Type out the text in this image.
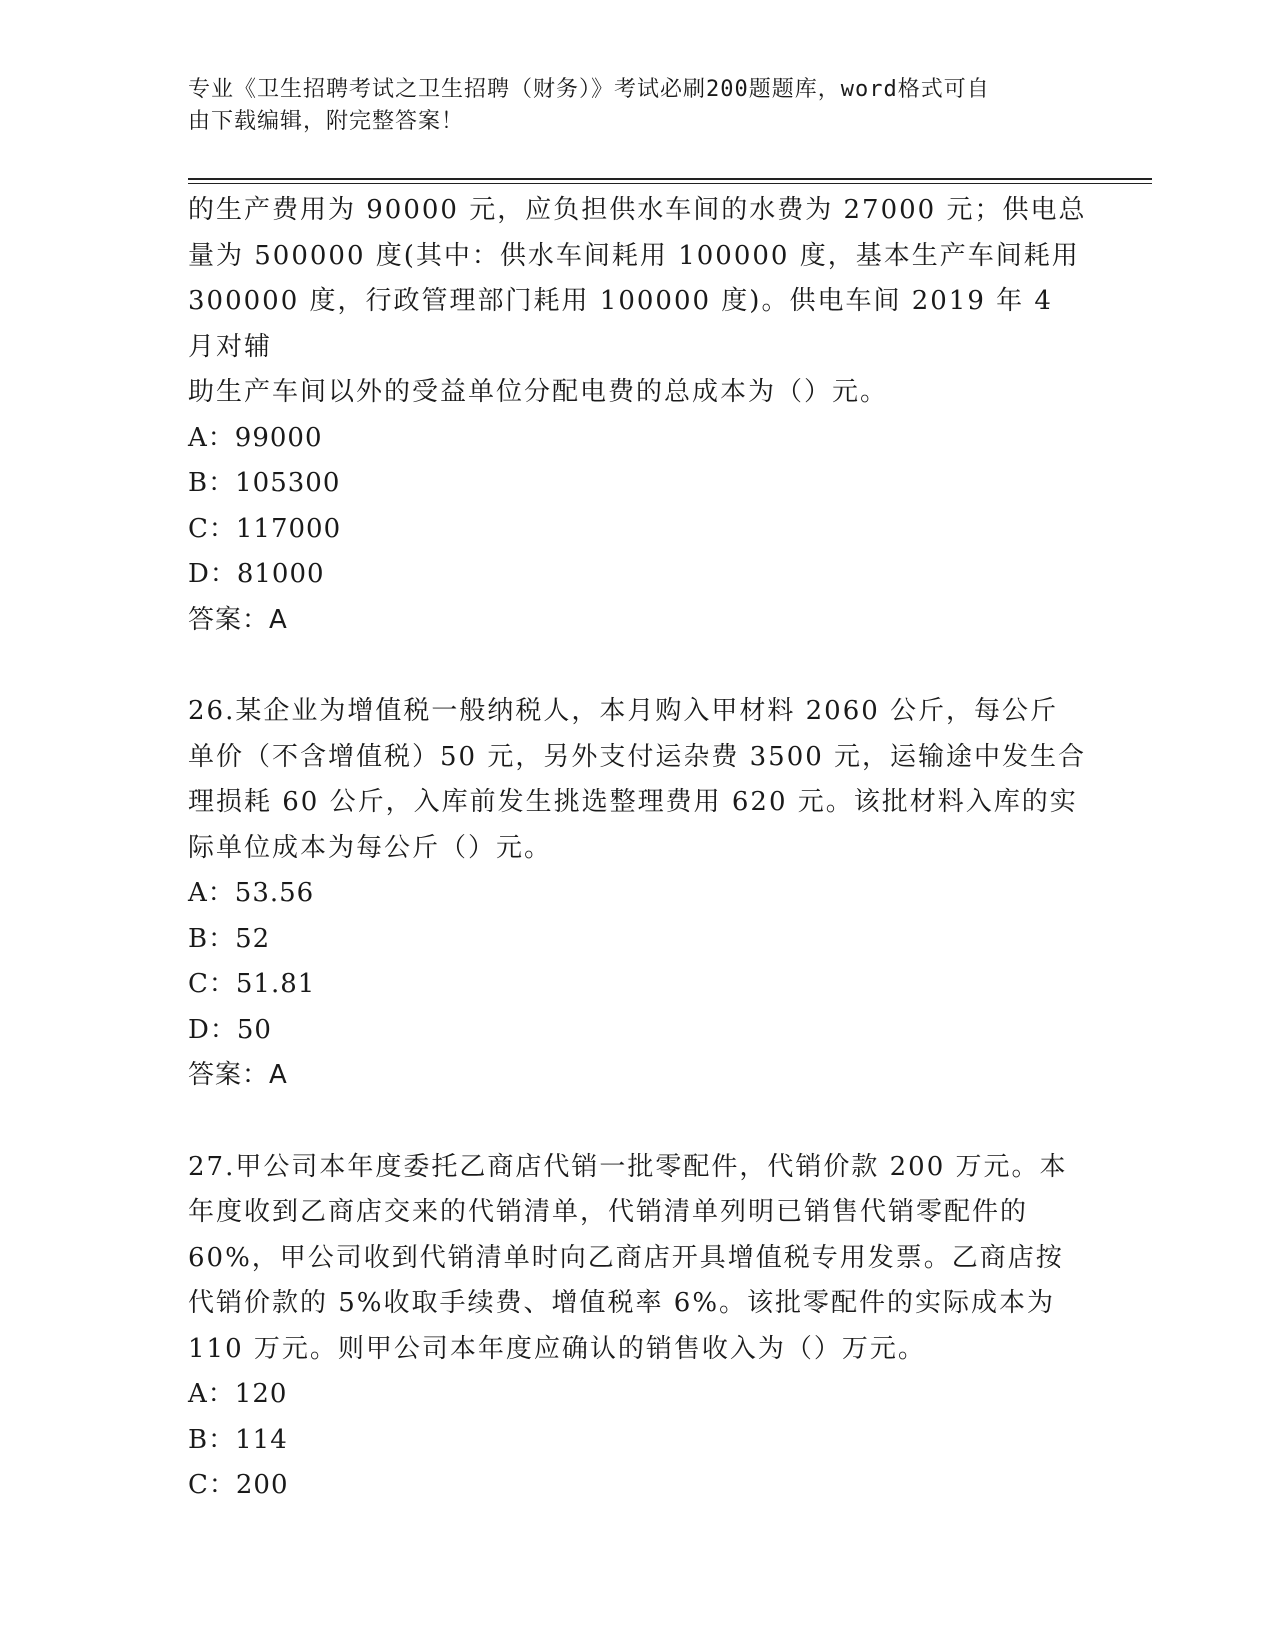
专业《卫生招聘考试之卫生招聘（财务）》考试必刷200题题库，word格式可自
由下载编辑，附完整答案！

的生产费用为 90000 元，应负担供水车间的水费为 27000 元；供电总

量为 500000 度(其中：供水车间耗用 100000 度，基本生产车间耗用

300000 度，行政管理部门耗用 100000 度)。供电车间 2019 年 4 月对辅

助生产车间以外的受益单位分配电费的总成本为（）元。

A：99000

B：105300

C：117000

D：81000

答案：A

26.某企业为增值税一般纳税人，本月购入甲材料 2060 公斤，每公斤

单价（不含增值税）50 元，另外支付运杂费 3500 元，运输途中发生合

理损耗 60 公斤，入库前发生挑选整理费用 620 元。该批材料入库的实

际单位成本为每公斤（）元。

A：53.56

B：52

C：51.81

D：50

答案：A

27.甲公司本年度委托乙商店代销一批零配件，代销价款 200 万元。本

年度收到乙商店交来的代销清单，代销清单列明已销售代销零配件的

60%，甲公司收到代销清单时向乙商店开具增值税专用发票。乙商店按

代销价款的 5%收取手续费、增值税率 6%。该批零配件的实际成本为

110 万元。则甲公司本年度应确认的销售收入为（）万元。

A：120

B：114

C：200
